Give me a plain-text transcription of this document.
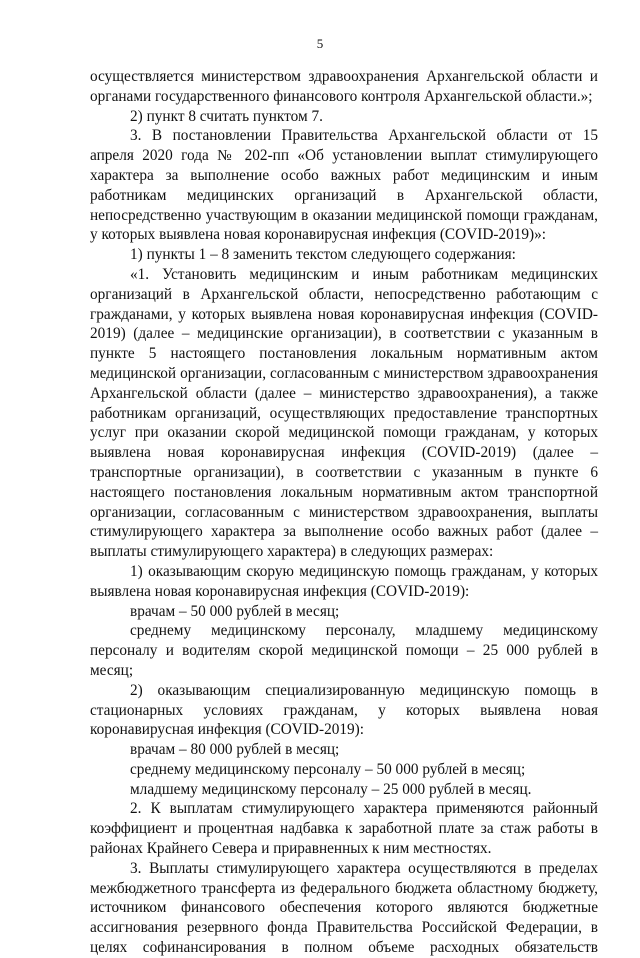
5

осуществляется министерством здравоохранения Архангельской области и органами государственного финансового контроля Архангельской области.»;

2) пункт 8 считать пунктом 7.

3. В постановлении Правительства Архангельской области от 15 апреля 2020 года № 202-пп «Об установлении выплат стимулирующего характера за выполнение особо важных работ медицинским и иным работникам медицинских организаций в Архангельской области, непосредственно участвующим в оказании медицинской помощи гражданам, у которых выявлена новая коронавирусная инфекция (COVID-2019)»:

1) пункты 1 – 8 заменить текстом следующего содержания:

«1. Установить медицинским и иным работникам медицинских организаций в Архангельской области, непосредственно работающим с гражданами, у которых выявлена новая коронавирусная инфекция (COVID-2019) (далее – медицинские организации), в соответствии с указанным в пункте 5 настоящего постановления локальным нормативным актом медицинской организации, согласованным с министерством здравоохранения Архангельской области (далее – министерство здравоохранения), а также работникам организаций, осуществляющих предоставление транспортных услуг при оказании скорой медицинской помощи гражданам, у которых выявлена новая коронавирусная инфекция (COVID-2019) (далее – транспортные организации), в соответствии с указанным в пункте 6 настоящего постановления локальным нормативным актом транспортной организации, согласованным с министерством здравоохранения, выплаты стимулирующего характера за выполнение особо важных работ (далее – выплаты стимулирующего характера) в следующих размерах:

1) оказывающим скорую медицинскую помощь гражданам, у которых выявлена новая коронавирусная инфекция (COVID-2019):

врачам – 50 000 рублей в месяц;

среднему медицинскому персоналу, младшему медицинскому персоналу и водителям скорой медицинской помощи – 25 000 рублей в месяц;

2) оказывающим специализированную медицинскую помощь в стационарных условиях гражданам, у которых выявлена новая коронавирусная инфекция (COVID-2019):

врачам – 80 000 рублей в месяц;

среднему медицинскому персоналу – 50 000 рублей в месяц;

младшему медицинскому персоналу – 25 000 рублей в месяц.

2. К выплатам стимулирующего характера применяются районный коэффициент и процентная надбавка к заработной плате за стаж работы в районах Крайнего Севера и приравненных к ним местностях.

3. Выплаты стимулирующего характера осуществляются в пределах межбюджетного трансферта из федерального бюджета областному бюджету, источником финансового обеспечения которого являются бюджетные ассигнования резервного фонда Правительства Российской Федерации, в целях софинансирования в полном объеме расходных обязательств
